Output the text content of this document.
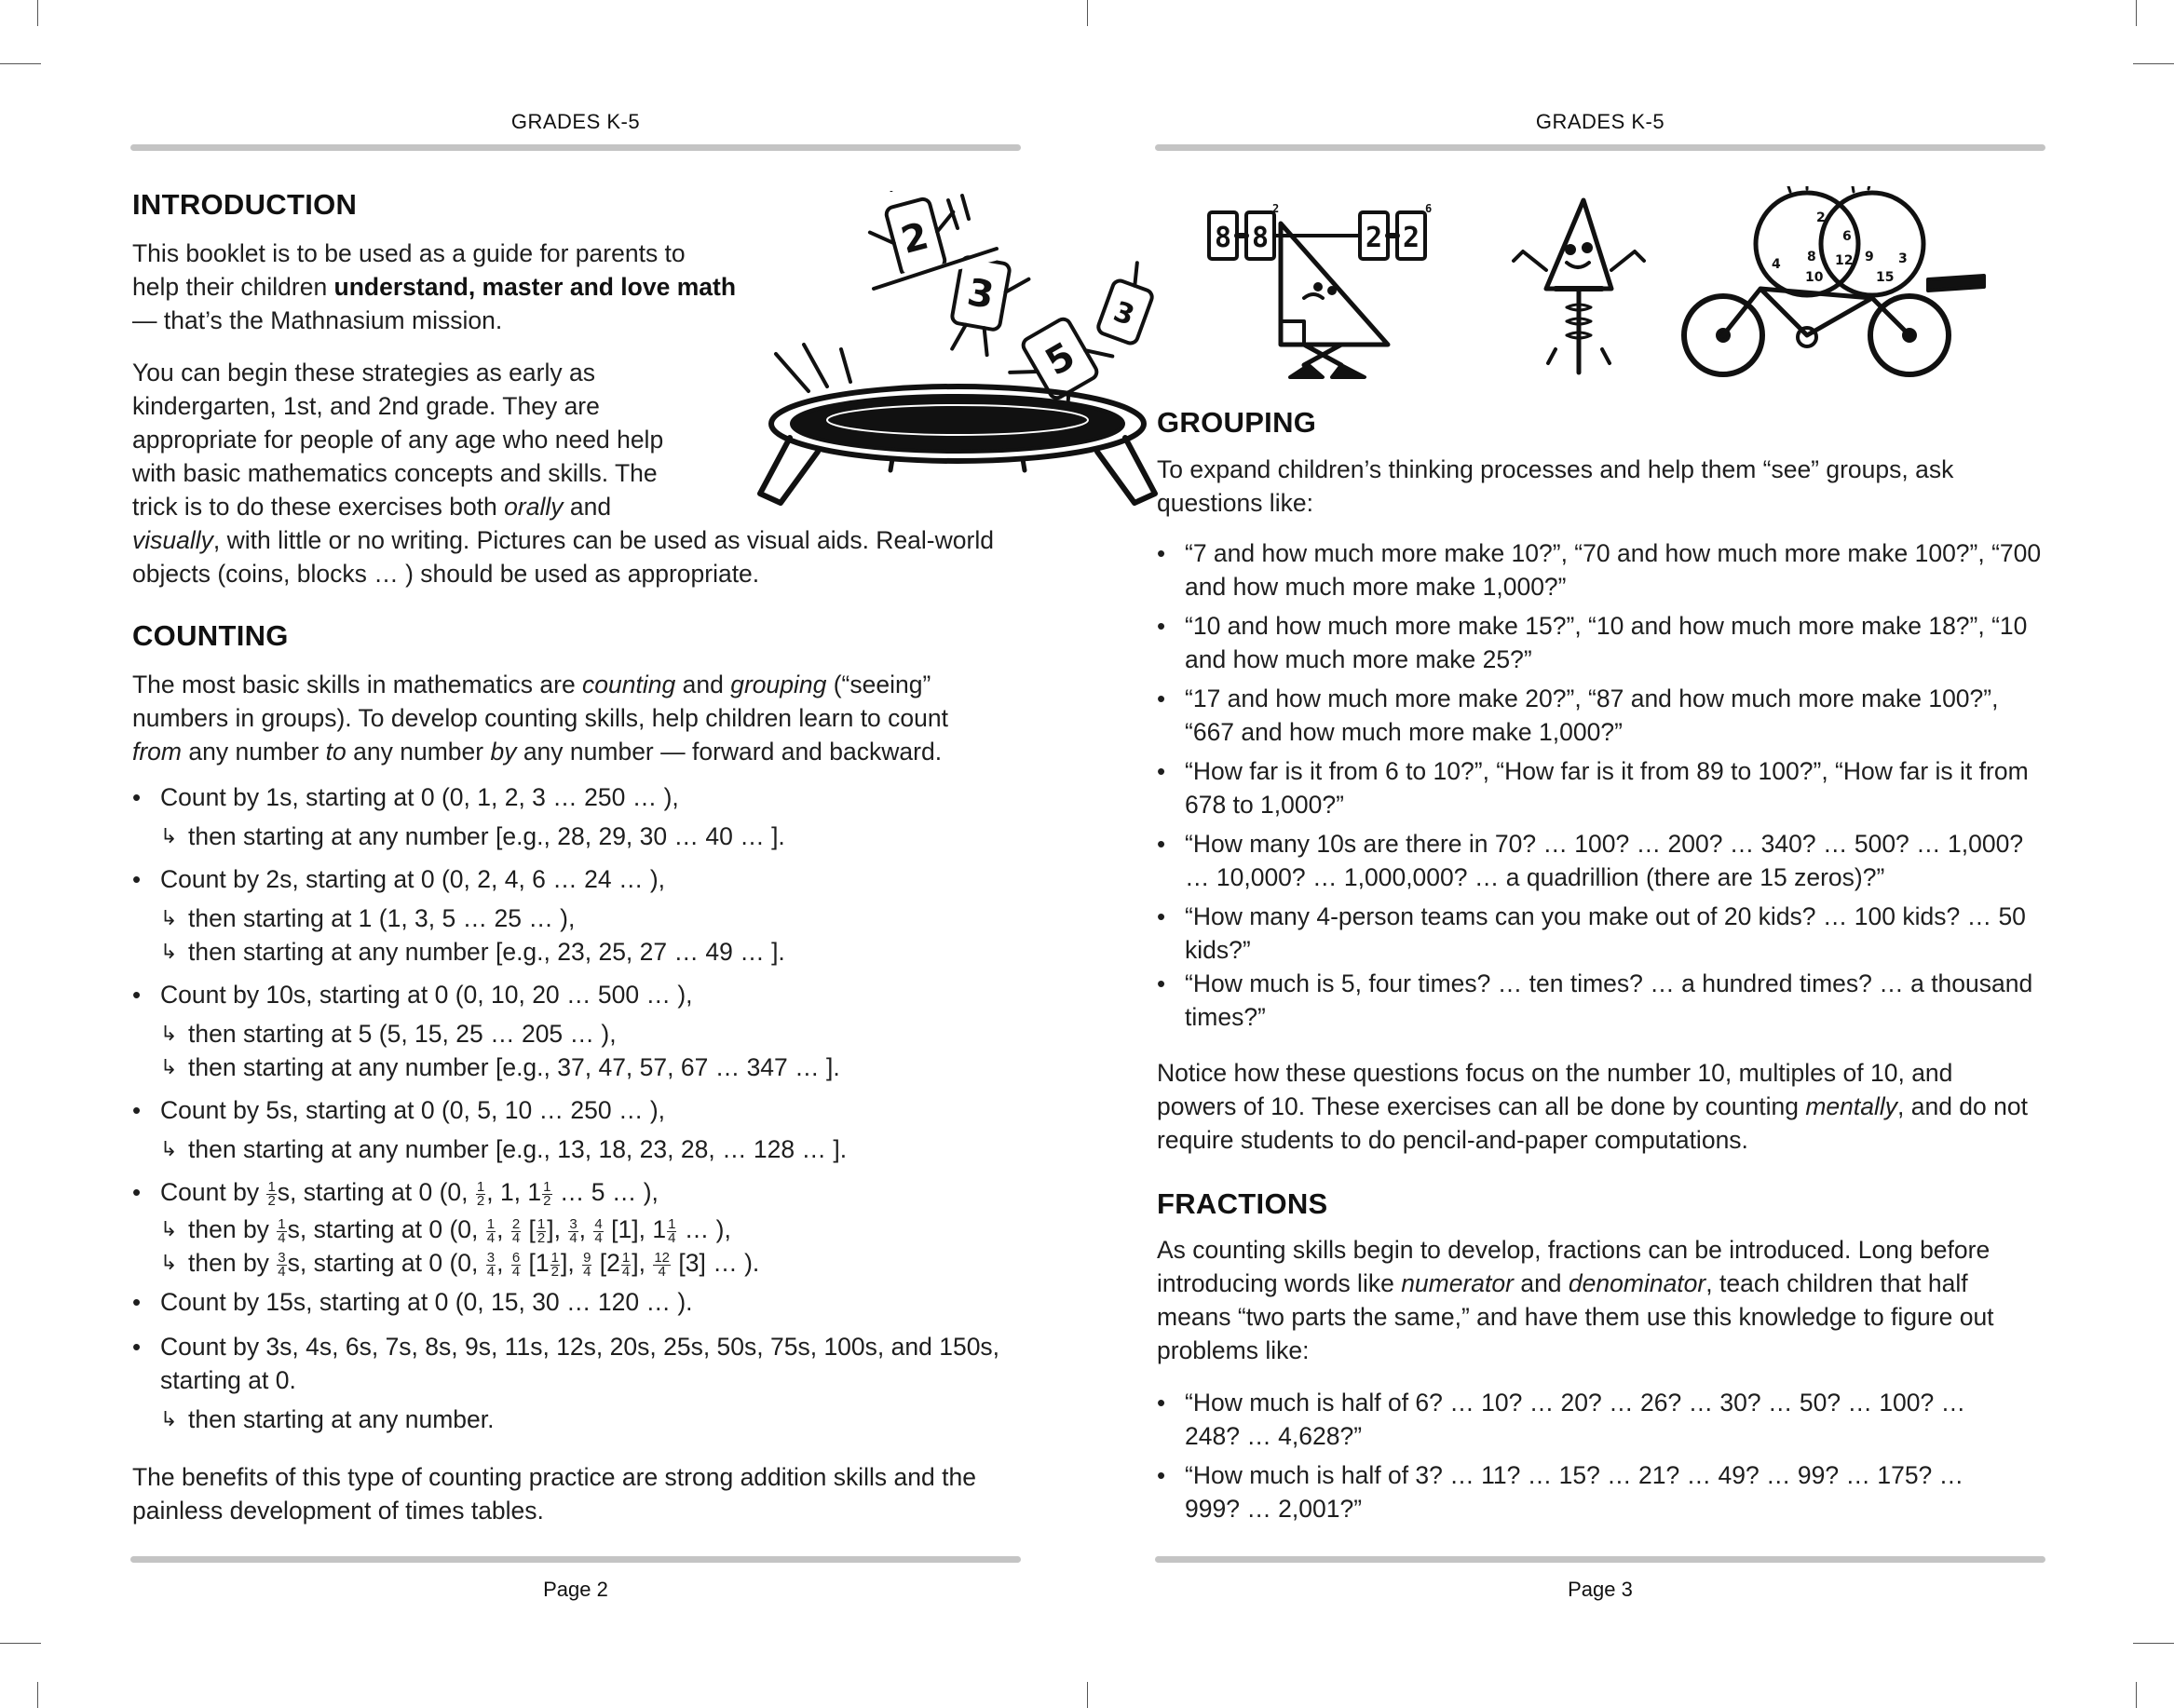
GRADES K-5
2
3
5
3
INTRODUCTION
This booklet is to be used as a guide for parents to help their children understand, master and love math — that’s the Mathnasium mission.
You can begin these strategies as early as kindergarten, 1st, and 2nd grade. They are appropriate for people of any age who need help with basic mathematics concepts and skills. The trick is to do these exercises both orally and
visually, with little or no writing. Pictures can be used as visual aids. Real-world objects (coins, blocks … ) should be used as appropriate.
COUNTING
The most basic skills in mathematics are counting and grouping (“seeing” numbers in groups). To develop counting skills, help children learn to count from any number to any number by any number — forward and backward.
• Count by 1s, starting at 0 (0, 1, 2, 3 … 250 … ),
↳ then starting at any number [e.g., 28, 29, 30 … 40 … ].
• Count by 2s, starting at 0 (0, 2, 4, 6 … 24 … ),
↳ then starting at 1 (1, 3, 5 … 25 … ),
↳ then starting at any number [e.g., 23, 25, 27 … 49 … ].
• Count by 10s, starting at 0 (0, 10, 20 … 500 … ),
↳ then starting at 5 (5, 15, 25 … 205 … ),
↳ then starting at any number [e.g., 37, 47, 57, 67 … 347 … ].
• Count by 5s, starting at 0 (0, 5, 10 … 250 … ),
↳ then starting at any number [e.g., 13, 18, 23, 28, … 128 … ].
• Count by $\frac{1}{2} s$, starting at 0 (0, $\frac{1}{2}$ , 1, $1 \frac{1}{2}$ … 5 … ),
↳ then by $\frac{1}{4} s$, starting at 0 (0, $\frac{1}{4}$ , $\frac{2}{4}$ [ $\frac{1}{2}$ ], $\frac{3}{4}$ , $\frac{4}{4} [1]$, $1 \frac{1}{4}$ … ),
↳ then by $\frac{3}{4} s$, starting at 0 (0, $\frac{3}{4}$ , $\frac{6}{4} [1 \frac{1}{2}$ ], $\frac{9}{4} [2 \frac{1}{4}$ ], $\frac{12}{4} [3]$ … ).
• Count by 15s, starting at 0 (0, 15, 30 … 120 … ).
• Count by 3s, 4s, 6s, 7s, 8s, 9s, 11s, 12s, 20s, 25s, 50s, 75s, 100s, and 150s, starting at 0.
↳ then starting at any number.
The benefits of this type of counting practice are strong addition skills and the painless development of times tables.
Page 2
GRADES K-5
8 8	2 2
2	6
2
4 8
10
6
12 9 3
15
GROUPING
To expand children’s thinking processes and help them “see” groups, ask questions like:
• “7 and how much more make 10?”, “70 and how much more make 100?”, “700 and how much more make 1,000?”
• “10 and how much more make 15?”, “10 and how much more make 18?”, “10 and how much more make 25?”
• “17 and how much more make 20?”, “87 and how much more make 100?”, “667 and how much more make 1,000?”
• “How far is it from 6 to 10?”, “How far is it from 89 to 100?”, “How far is it from 678 to 1,000?”
• “How many 10s are there in 70? … 100? … 200? … 340? … 500? … 1,000? … 10,000? … 1,000,000? … a quadrillion (there are 15 zeros)?”
• “How many 4-person teams can you make out of 20 kids? … 100 kids? … 50 kids?”
• “How much is 5, four times? … ten times? … a hundred times? … a thousand times?”
Notice how these questions focus on the number 10, multiples of 10, and powers of 10. These exercises can all be done by counting mentally, and do not require students to do pencil-and-paper computations.
FRACTIONS
As counting skills begin to develop, fractions can be introduced. Long before introducing words like numerator and denominator, teach children that half means “two parts the same,” and have them use this knowledge to figure out problems like:
• “How much is half of 6? … 10? … 20? … 26? … 30? … 50? … 100? … 248? … 4,628?”
• “How much is half of 3? … 11? … 15? … 21? … 49? … 99? … 175? … 999? … 2,001?”
Page 3
